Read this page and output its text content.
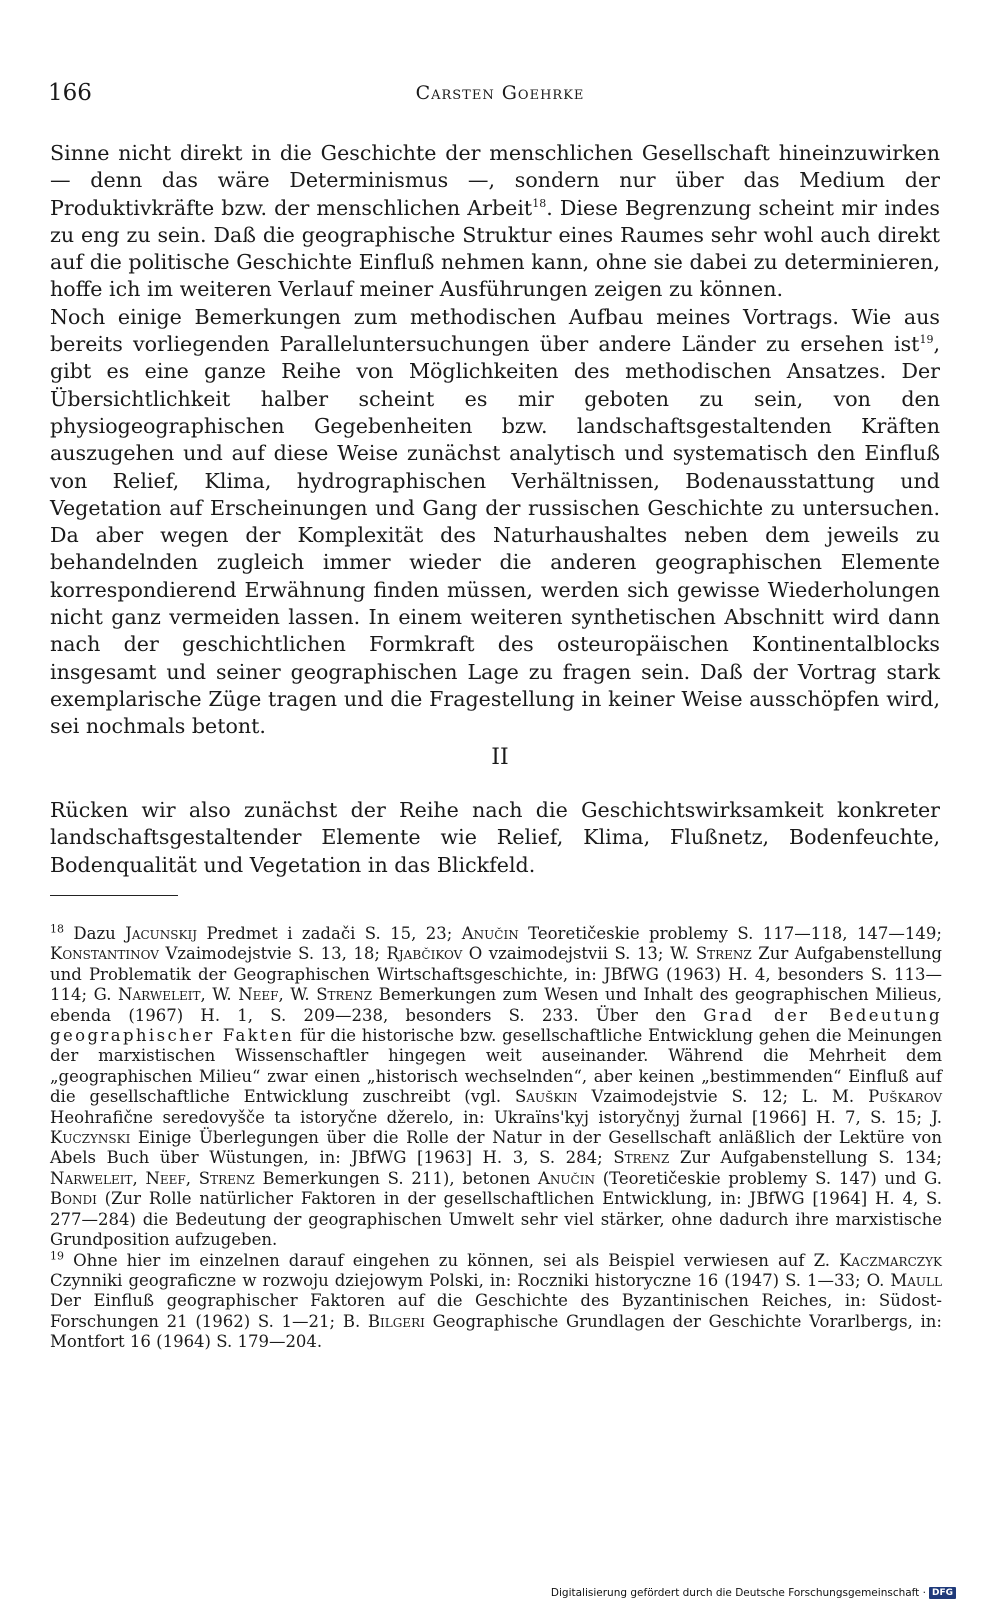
166	Carsten Goehrke

Sinne nicht direkt in die Geschichte der menschlichen Gesellschaft hineinzuwirken — denn das wäre Determinismus —, sondern nur über das Medium der Produktivkräfte bzw. der menschlichen Arbeit$^{18}$. Diese Begrenzung scheint mir indes zu eng zu sein. Daß die geographische Struktur eines Raumes sehr wohl auch direkt auf die politische Geschichte Einfluß nehmen kann, ohne sie dabei zu determinieren, hoffe ich im weiteren Verlauf meiner Ausführungen zeigen zu können.

Noch einige Bemerkungen zum methodischen Aufbau meines Vortrags. Wie aus bereits vorliegenden Paralleluntersuchungen über andere Länder zu ersehen ist$^{19}$, gibt es eine ganze Reihe von Möglichkeiten des methodischen Ansatzes. Der Übersichtlichkeit halber scheint es mir geboten zu sein, von den physiogeographischen Gegebenheiten bzw. landschaftsgestaltenden Kräften auszugehen und auf diese Weise zunächst analytisch und systematisch den Einfluß von Relief, Klima, hydrographischen Verhältnissen, Bodenausstattung und Vegetation auf Erscheinungen und Gang der russischen Geschichte zu untersuchen. Da aber wegen der Komplexität des Naturhaushaltes neben dem jeweils zu behandelnden zugleich immer wieder die anderen geographischen Elemente korrespondierend Erwähnung finden müssen, werden sich gewisse Wiederholungen nicht ganz vermeiden lassen. In einem weiteren synthetischen Abschnitt wird dann nach der geschichtlichen Formkraft des osteuropäischen Kontinentalblocks insgesamt und seiner geographischen Lage zu fragen sein. Daß der Vortrag stark exemplarische Züge tragen und die Fragestellung in keiner Weise ausschöpfen wird, sei nochmals betont.

II

Rücken wir also zunächst der Reihe nach die Geschichtswirksamkeit konkreter landschaftsgestaltender Elemente wie Relief, Klima, Flußnetz, Bodenfeuchte, Bodenqualität und Vegetation in das Blickfeld.

$^{18}$ Dazu Jacunskij Predmet i zadači S. 15, 23; Anučin Teoretičeskie problemy S. 117—118, 147—149; Konstantinov Vzaimodejstvie S. 13, 18; Rjabčikov O vzaimodejstvii S. 13; W. Strenz Zur Aufgabenstellung und Problematik der Geographischen Wirtschaftsgeschichte, in: JBfWG (1963) H. 4, besonders S. 113—114; G. Narweleit, W. Neef, W. Strenz Bemerkungen zum Wesen und Inhalt des geographischen Milieus, ebenda (1967) H. 1, S. 209—238, besonders S. 233. Über den Grad der Bedeutung geographischer Fakten für die historische bzw. gesellschaftliche Entwicklung gehen die Meinungen der marxistischen Wissenschaftler hingegen weit auseinander. Während die Mehrheit dem „geographischen Milieu“ zwar einen „historisch wechselnden“, aber keinen „bestimmenden“ Einfluß auf die gesellschaftliche Entwicklung zuschreibt (vgl. Sauškin Vzaimodejstvie S. 12; L. M. Puškarov Heohrafične seredovyšče ta istoryčne džerelo, in: Ukraïns'kyj istoryčnyj žurnal [1966] H. 7, S. 15; J. Kuczynski Einige Überlegungen über die Rolle der Natur in der Gesellschaft anläßlich der Lektüre von Abels Buch über Wüstungen, in: JBfWG [1963] H. 3, S. 284; Strenz Zur Aufgabenstellung S. 134; Narweleit, Neef, Strenz Bemerkungen S. 211), betonen Anučin (Teoretičeskie problemy S. 147) und G. Bondi (Zur Rolle natürlicher Faktoren in der gesellschaftlichen Entwicklung, in: JBfWG [1964] H. 4, S. 277—284) die Bedeutung der geographischen Umwelt sehr viel stärker, ohne dadurch ihre marxistische Grundposition aufzugeben.

$^{19}$ Ohne hier im einzelnen darauf eingehen zu können, sei als Beispiel verwiesen auf Z. Kaczmarczyk Czynniki geograficzne w rozwoju dziejowym Polski, in: Roczniki historyczne 16 (1947) S. 1—33; O. Maull Der Einfluß geographischer Faktoren auf die Geschichte des Byzantinischen Reiches, in: Südost-Forschungen 21 (1962) S. 1—21; B. Bilgeri Geographische Grundlagen der Geschichte Vorarlbergs, in: Montfort 16 (1964) S. 179—204.

Digitalisierung gefördert durch die Deutsche Forschungsgemeinschaft · DFG
